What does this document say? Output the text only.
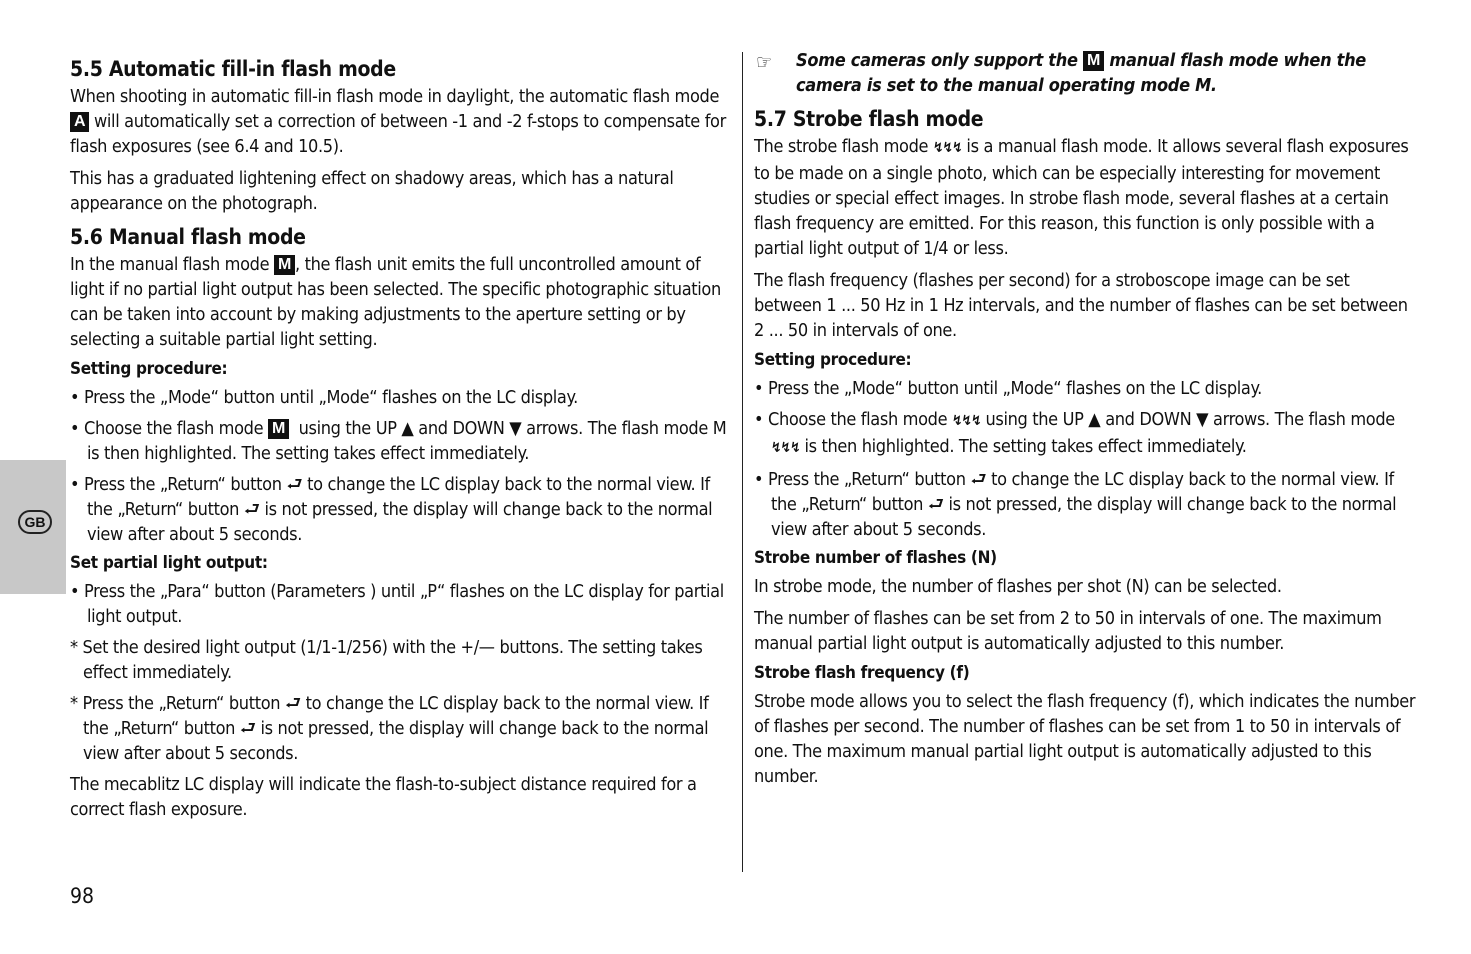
GB
5.5 Automatic fill-in flash mode

When shooting in automatic fill-in flash mode in daylight, the automatic flash mode A will automatically set a correction of between -1 and -2 f-stops to compensate for flash exposures (see 6.4 and 10.5).

This has a graduated lightening effect on shadowy areas, which has a natural appearance on the photograph.

5.6 Manual flash mode

In the manual flash mode M , the flash unit emits the full uncontrolled amount of light if no partial light output has been selected. The specific photographic situation can be taken into account by making adjustments to the aperture setting or by selecting a suitable partial light setting.

Setting procedure:
• Press the „Mode“ button until „Mode“ flashes on the LC display.
• Choose the flash mode M using the UP ▲ and DOWN ▼ arrows. The flash mode M is then highlighted. The setting takes effect immediately.
• Press the „Return“ button ⮐ to change the LC display back to the normal view. If the „Return“ button ⮐ is not pressed, the display will change back to the normal view after about 5 seconds.
Set partial light output:
• Press the „Para“ button (Parameters ) until „P“ flashes on the LC display for partial light output.
* Set the desired light output (1/1-1/256) with the +/— buttons. The setting takes effect immediately.
* Press the „Return“ button ⮐ to change the LC display back to the normal view. If the „Return“ button ⮐ is not pressed, the display will change back to the normal view after about 5 seconds.

The mecablitz LC display will indicate the flash-to-subject distance required for a correct flash exposure.

☞ Some cameras only support the M manual flash mode when the camera is set to the manual operating mode M.
5.7 Strobe flash mode

The strobe flash mode ↯↯↯ is a manual flash mode. It allows several flash exposures to be made on a single photo, which can be especially interesting for movement studies or special effect images. In strobe flash mode, several flashes at a certain flash frequency are emitted. For this reason, this function is only possible with a partial light output of 1/4 or less.

The flash frequency (flashes per second) for a stroboscope image can be set between 1 ... 50 Hz in 1 Hz intervals, and the number of flashes can be set between 2 ... 50 in intervals of one.

Setting procedure:
• Press the „Mode“ button until „Mode“ flashes on the LC display.
• Choose the flash mode ↯↯↯ using the UP ▲ and DOWN ▼ arrows. The flash mode ↯↯↯ is then highlighted. The setting takes effect immediately.
• Press the „Return“ button ⮐ to change the LC display back to the normal view. If the „Return“ button ⮐ is not pressed, the display will change back to the normal view after about 5 seconds.
Strobe number of flashes (N)

In strobe mode, the number of flashes per shot (N) can be selected.

The number of flashes can be set from 2 to 50 in intervals of one. The maximum manual partial light output is automatically adjusted to this number.

Strobe flash frequency (f)

Strobe mode allows you to select the flash frequency (f), which indicates the number of flashes per second. The number of flashes can be set from 1 to 50 in intervals of one. The maximum manual partial light output is automatically adjusted to this number.

98
